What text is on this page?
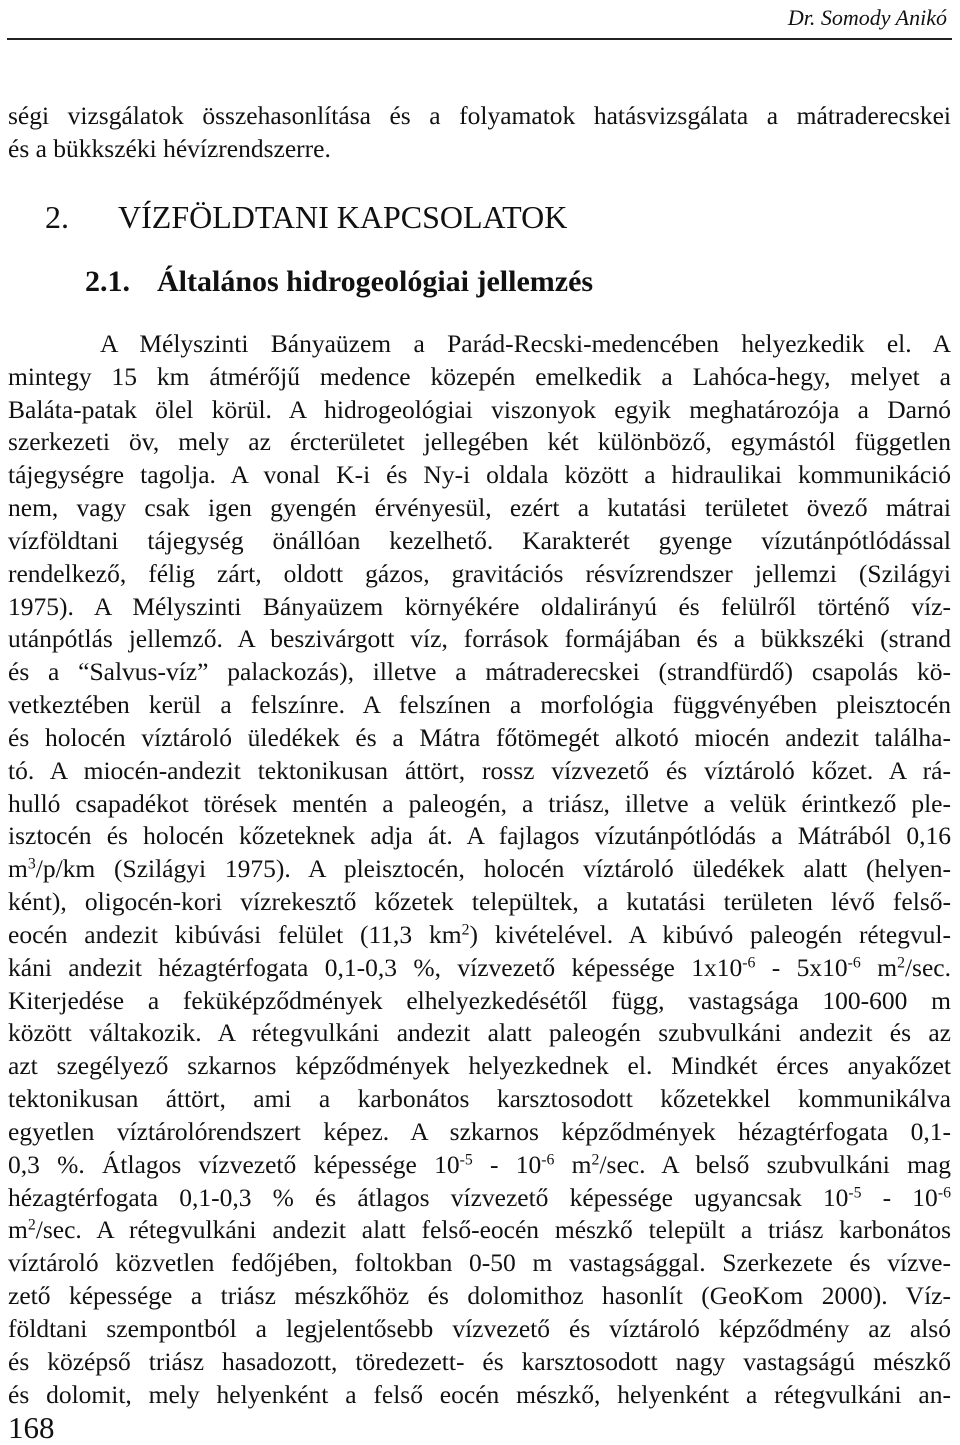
Dr. Somody Anikó
ségi vizsgálatok összehasonlítása és a folyamatok hatásvizsgálata a mátraderecskei
és a bükkszéki hévízrendszerre.
2. VÍZFÖLDTANI KAPCSOLATOK
2.1. Általános hidrogeológiai jellemzés
A Mélyszinti Bányaüzem a Parád-Recski-medencében helyezkedik el. A
mintegy 15 km átmérőjű medence közepén emelkedik a Lahóca-hegy, melyet a
Baláta-patak ölel körül. A hidrogeológiai viszonyok egyik meghatározója a Darnó
szerkezeti öv, mely az ércterületet jellegében két különböző, egymástól független
tájegységre tagolja. A vonal K-i és Ny-i oldala között a hidraulikai kommunikáció
nem, vagy csak igen gyengén érvényesül, ezért a kutatási területet övező mátrai
vízföldtani tájegység önállóan kezelhető. Karakterét gyenge vízutánpótlódással
rendelkező, félig zárt, oldott gázos, gravitációs résvízrendszer jellemzi (Szilágyi
1975). A Mélyszinti Bányaüzem környékére oldalirányú és felülről történő víz-
utánpótlás jellemző. A beszivárgott víz, források formájában és a bükkszéki (strand
és a “Salvus-víz” palackozás), illetve a mátraderecskei (strandfürdő) csapolás kö-
vetkeztében kerül a felszínre. A felszínen a morfológia függvényében pleisztocén
és holocén víztároló üledékek és a Mátra főtömegét alkotó miocén andezit találha-
tó. A miocén-andezit tektonikusan áttört, rossz vízvezető és víztároló kőzet. A rá-
hulló csapadékot törések mentén a paleogén, a triász, illetve a velük érintkező ple-
isztocén és holocén kőzeteknek adja át. A fajlagos vízutánpótlódás a Mátrából 0,16
$m^3/p/km$ (Szilágyi 1975). A pleisztocén, holocén víztároló üledékek alatt (helyen-
ként), oligocén-kori vízrekesztő kőzetek települtek, a kutatási területen lévő felső-
eocén andezit kibúvási felület (11,3 $km^2$) kivételével. A kibúvó paleogén rétegvul-
káni andezit hézagtérfogata 0,1-0,3 %, vízvezető képessége $1x10^{-6} - 5x10^{-6}$ $m^2/\sec$.
Kiterjedése a feküképződmények elhelyezkedésétől függ, vastagsága 100-600 m
között váltakozik. A rétegvulkáni andezit alatt paleogén szubvulkáni andezit és az
azt szegélyező szkarnos képződmények helyezkednek el. Mindkét érces anyakőzet
tektonikusan áttört, ami a karbonátos karsztosodott kőzetekkel kommunikálva
egyetlen víztárolórendszert képez. A szkarnos képződmények hézagtérfogata 0,1-
0,3 %. Átlagos vízvezető képessége $10^{-5} - 10^{-6}$ $m^2/\sec$. A belső szubvulkáni mag
hézagtérfogata 0,1-0,3 % és átlagos vízvezető képessége ugyancsak $10^{-5} - 10^{-6}$
$m^2/\sec$. A rétegvulkáni andezit alatt felső-eocén mészkő települt a triász karbonátos
víztároló közvetlen fedőjében, foltokban 0-50 m vastagsággal. Szerkezete és vízve-
zető képessége a triász mészkőhöz és dolomithoz hasonlít (GeoKom 2000). Víz-
földtani szempontból a legjelentősebb vízvezető és víztároló képződmény az alsó
és középső triász hasadozott, töredezett- és karsztosodott nagy vastagságú mészkő
és dolomit, mely helyenként a felső eocén mészkő, helyenként a rétegvulkáni an-
168
